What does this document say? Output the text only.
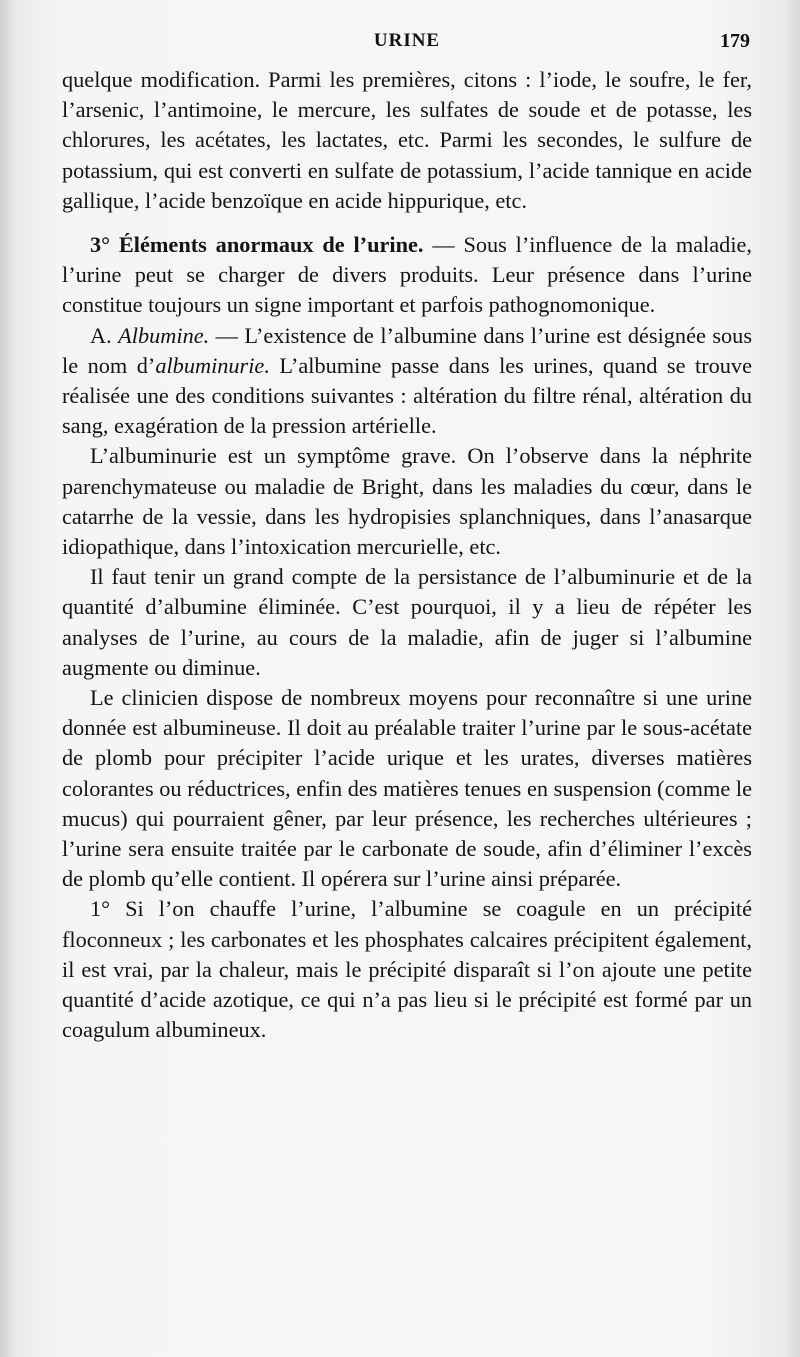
URINE	179

quelque modification. Parmi les premières, citons : l’iode, le soufre, le fer, l’arsenic, l’antimoine, le mercure, les sulfates de soude et de potasse, les chlorures, les acétates, les lactates, etc. Parmi les secondes, le sulfure de potassium, qui est converti en sulfate de potassium, l’acide tannique en acide gallique, l’acide benzoïque en acide hippurique, etc.

3° Éléments anormaux de l’urine. — Sous l’influence de la maladie, l’urine peut se charger de divers produits. Leur présence dans l’urine constitue toujours un signe important et parfois pathognomonique.

A. Albumine. — L’existence de l’albumine dans l’urine est désignée sous le nom d’albuminurie. L’albumine passe dans les urines, quand se trouve réalisée une des conditions suivantes : altération du filtre rénal, altération du sang, exagération de la pression artérielle.

L’albuminurie est un symptôme grave. On l’observe dans la néphrite parenchymateuse ou maladie de Bright, dans les maladies du cœur, dans le catarrhe de la vessie, dans les hydropisies splanchniques, dans l’anasarque idiopathique, dans l’intoxication mercurielle, etc.

Il faut tenir un grand compte de la persistance de l’albuminurie et de la quantité d’albumine éliminée. C’est pourquoi, il y a lieu de répéter les analyses de l’urine, au cours de la maladie, afin de juger si l’albumine augmente ou diminue.

Le clinicien dispose de nombreux moyens pour reconnaître si une urine donnée est albumineuse. Il doit au préalable traiter l’urine par le sous-acétate de plomb pour précipiter l’acide urique et les urates, diverses matières colorantes ou réductrices, enfin des matières tenues en suspension (comme le mucus) qui pourraient gêner, par leur présence, les recherches ultérieures ; l’urine sera ensuite traitée par le carbonate de soude, afin d’éliminer l’excès de plomb qu’elle contient. Il opérera sur l’urine ainsi préparée.

1° Si l’on chauffe l’urine, l’albumine se coagule en un précipité floconneux ; les carbonates et les phosphates calcaires précipitent également, il est vrai, par la chaleur, mais le précipité disparaît si l’on ajoute une petite quantité d’acide azotique, ce qui n’a pas lieu si le précipité est formé par un coagulum albumineux.
